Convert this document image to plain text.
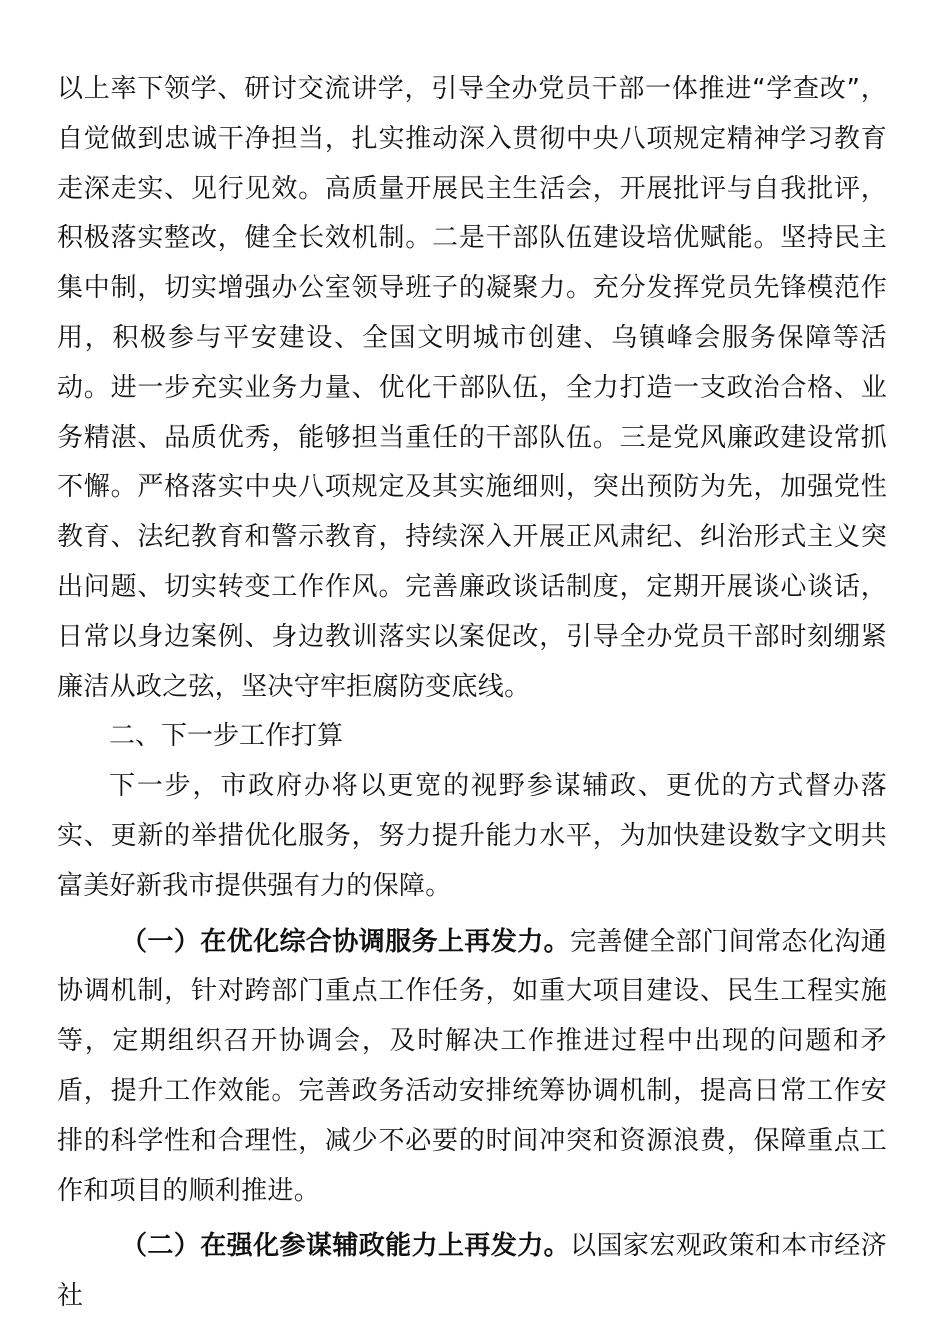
以上率下领学、研讨交流讲学，引导全办党员干部一体推进“学查改”，自觉做到忠诚干净担当，扎实推动深入贯彻中央八项规定精神学习教育走深走实、见行见效。高质量开展民主生活会，开展批评与自我批评，积极落实整改，健全长效机制。二是干部队伍建设培优赋能。坚持民主集中制，切实增强办公室领导班子的凝聚力。充分发挥党员先锋模范作用，积极参与平安建设、全国文明城市创建、乌镇峰会服务保障等活动。进一步充实业务力量、优化干部队伍，全力打造一支政治合格、业务精湛、品质优秀，能够担当重任的干部队伍。三是党风廉政建设常抓不懈。严格落实中央八项规定及其实施细则，突出预防为先，加强党性教育、法纪教育和警示教育，持续深入开展正风肃纪、纠治形式主义突出问题、切实转变工作作风。完善廉政谈话制度，定期开展谈心谈话，日常以身边案例、身边教训落实以案促改，引导全办党员干部时刻绷紧廉洁从政之弦，坚决守牢拒腐防变底线。

二、下一步工作打算

下一步，市政府办将以更宽的视野参谋辅政、更优的方式督办落实、更新的举措优化服务，努力提升能力水平，为加快建设数字文明共富美好新我市提供强有力的保障。

（一）在优化综合协调服务上再发力。完善健全部门间常态化沟通协调机制，针对跨部门重点工作任务，如重大项目建设、民生工程实施等，定期组织召开协调会，及时解决工作推进过程中出现的问题和矛盾，提升工作效能。完善政务活动安排统筹协调机制，提高日常工作安排的科学性和合理性，减少不必要的时间冲突和资源浪费，保障重点工作和项目的顺利推进。

（二）在强化参谋辅政能力上再发力。以国家宏观政策和本市经济社
